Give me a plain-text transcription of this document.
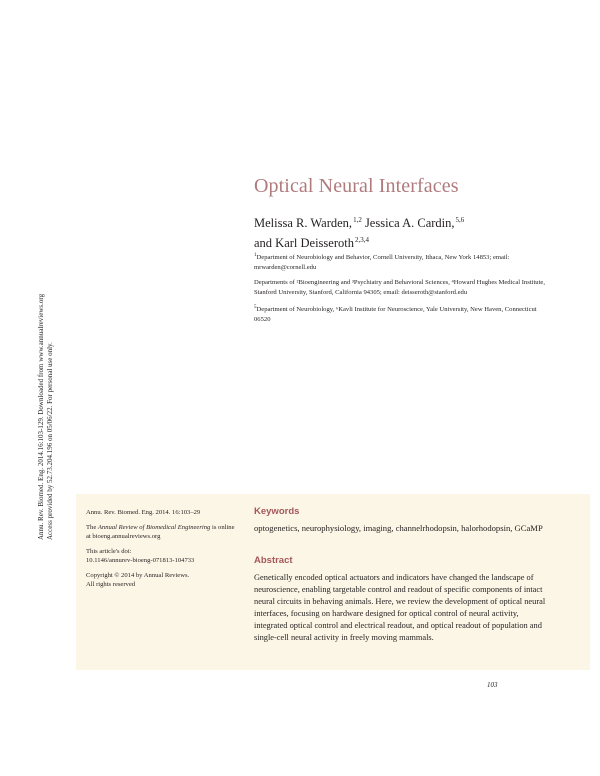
Optical Neural Interfaces
Melissa R. Warden,$^{1,2}$ Jessica A. Cardin,$^{5,6}$
and Karl Deisseroth$^{2,3,4}$

$^1$Department of Neurobiology and Behavior, Cornell University, Ithaca, New York 14853; email: mrwarden@cornell.edu

Departments of ²Bioengineering and ³Psychiatry and Behavioral Sciences, ⁴Howard Hughes Medical Institute, Stanford University, Stanford, California 94305; email: deisseroth@stanford.edu

$^5$Department of Neurobiology, ⁶Kavli Institute for Neuroscience, Yale University, New Haven, Connecticut 06520

Annu. Rev. Biomed. Eng. 2014.16:103-129. Downloaded from www.annualreviews.org Access provided by 52.73.204.196 on 05/06/22. For personal use only.	Annu. Rev. Biomed. Eng. 2014. 16:103–29

The Annual Review of Biomedical Engineering is online at bioeng.annualreviews.org

This article's doi:
10.1146/annurev-bioeng-071813-104733

Copyright © 2014 by Annual Reviews.
All rights reserved

Keywords
optogenetics, neurophysiology, imaging, channelrhodopsin, halorhodopsin, GCaMP
Abstract
Genetically encoded optical actuators and indicators have changed the landscape of neuroscience, enabling targetable control and readout of specific components of intact neural circuits in behaving animals. Here, we review the development of optical neural interfaces, focusing on hardware designed for optical control of neural activity, integrated optical control and electrical readout, and optical readout of population and single-cell neural activity in freely moving mammals.
103
